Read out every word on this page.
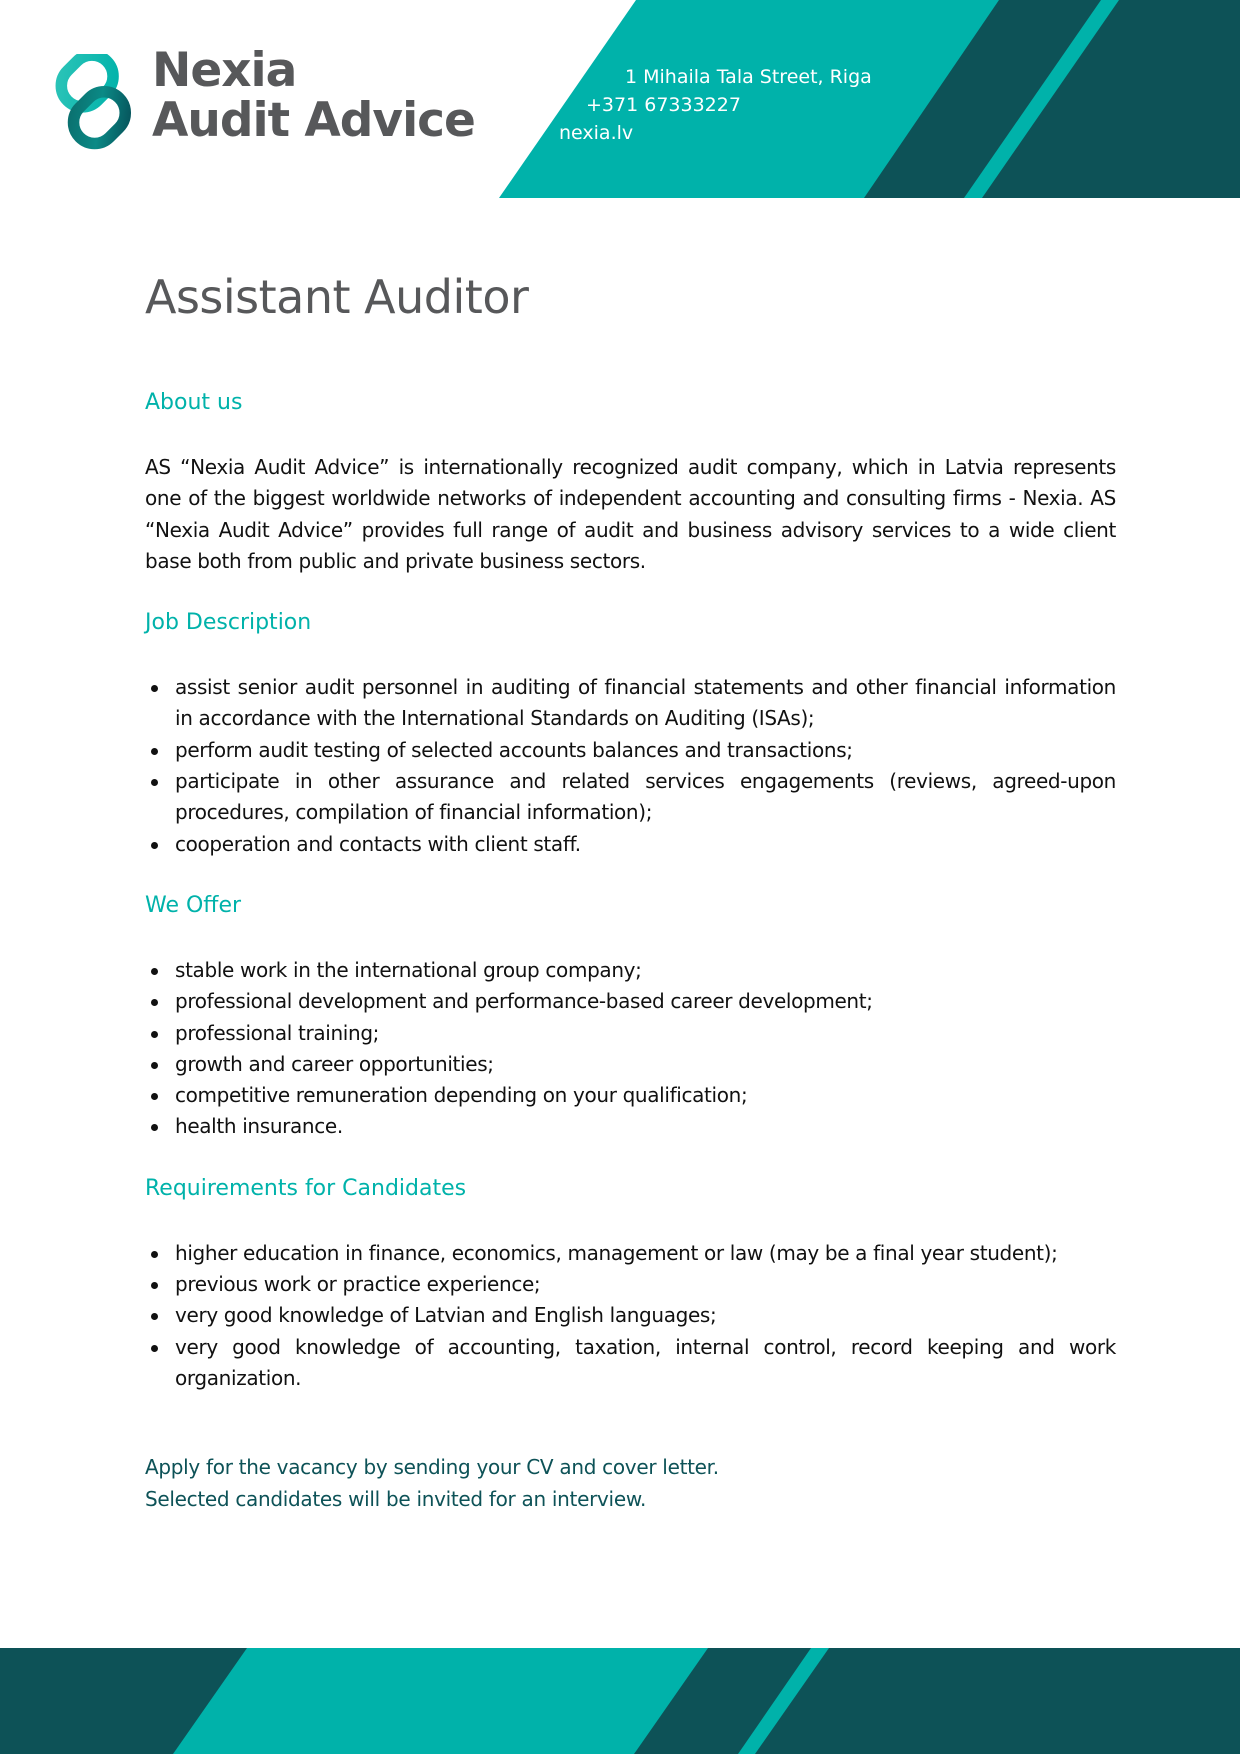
Nexia
Audit Advice
1 Mihaila Tala Street, Riga
+371 67333227
nexia.lv
Assistant Auditor
About us

AS “Nexia Audit Advice” is internationally recognized audit company, which in Latvia represents one of the biggest worldwide networks of independent accounting and consulting firms - Nexia. AS “Nexia Audit Advice” provides full range of audit and business advisory services to a wide client base both from public and private business sectors.

Job Description
assist senior audit personnel in auditing of financial statements and other financial information in accordance with the International Standards on Auditing (ISAs);
perform audit testing of selected accounts balances and transactions;
participate in other assurance and related services engagements (reviews, agreed-upon procedures, compilation of financial information);
cooperation and contacts with client staff.
We Offer
stable work in the international group company;
professional development and performance-based career development;
professional training;
growth and career opportunities;
competitive remuneration depending on your qualification;
health insurance.
Requirements for Candidates
higher education in finance, economics, management or law (may be a final year student);
previous work or practice experience;
very good knowledge of Latvian and English languages;
very good knowledge of accounting, taxation, internal control, record keeping and work organization.
Apply for the vacancy by sending your CV and cover letter.
Selected candidates will be invited for an interview.
